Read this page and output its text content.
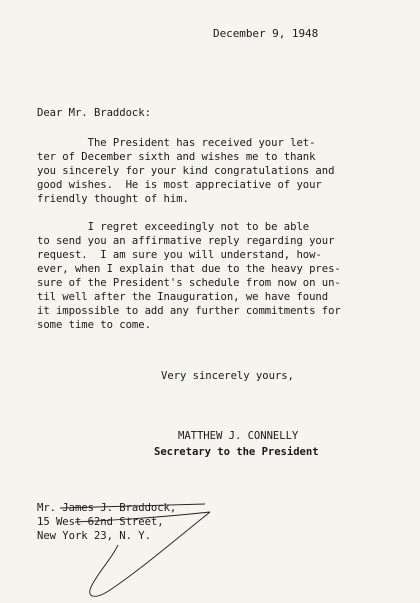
December 9, 1948
Dear Mr. Braddock:
The President has received your let-
ter of December sixth and wishes me to thank
you sincerely for your kind congratulations and
good wishes.  He is most appreciative of your
friendly thought of him.
I regret exceedingly not to be able
to send you an affirmative reply regarding your
request.  I am sure you will understand, how-
ever, when I explain that due to the heavy pres-
sure of the President's schedule from now on un-
til well after the Inauguration, we have found
it impossible to add any further commitments for
some time to come.
Very sincerely yours,
MATTHEW J. CONNELLY
Secretary to the President
Mr. James J. Braddock,
15 West 62nd Street,
New York 23, N. Y.
